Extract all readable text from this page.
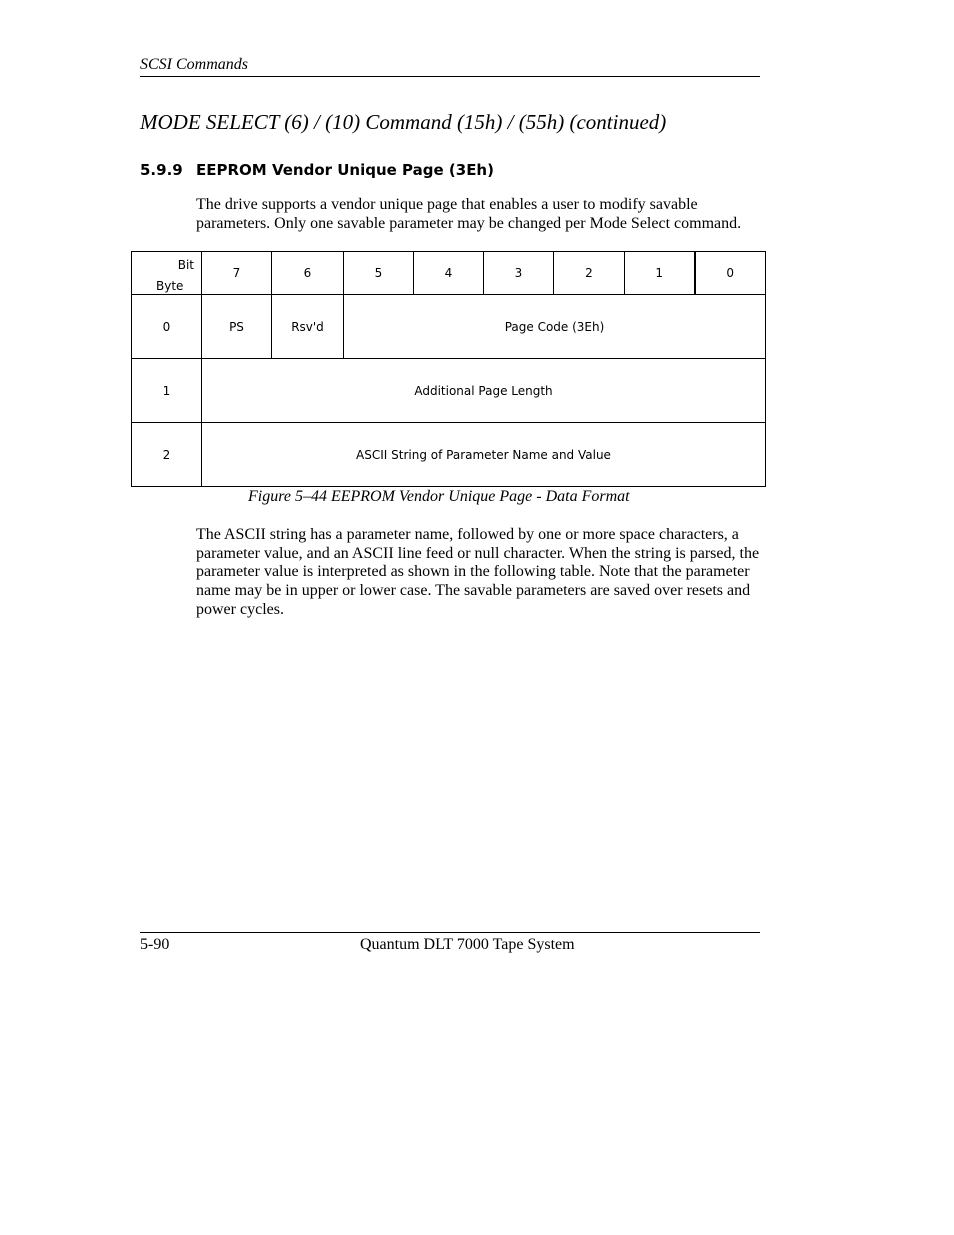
SCSI Commands
MODE SELECT (6) / (10) Command (15h) / (55h) (continued)
5.9.9 EEPROM Vendor Unique Page (3Eh)

The drive supports a vendor unique page that enables a user to modify savable parameters. Only one savable parameter may be changed per Mode Select command.

Bit
Byte	7	6	5	4	3	2	1	0
0	PS	Rsv'd	Page Code (3Eh)					
1	Additional Page Length							
2	ASCII String of Parameter Name and Value							
Figure 5–44 EEPROM Vendor Unique Page - Data Format

The ASCII string has a parameter name, followed by one or more space characters, a parameter value, and an ASCII line feed or null character. When the string is parsed, the parameter value is interpreted as shown in the following table. Note that the parameter name may be in upper or lower case. The savable parameters are saved over resets and power cycles.

5-90	Quantum DLT 7000 Tape System
